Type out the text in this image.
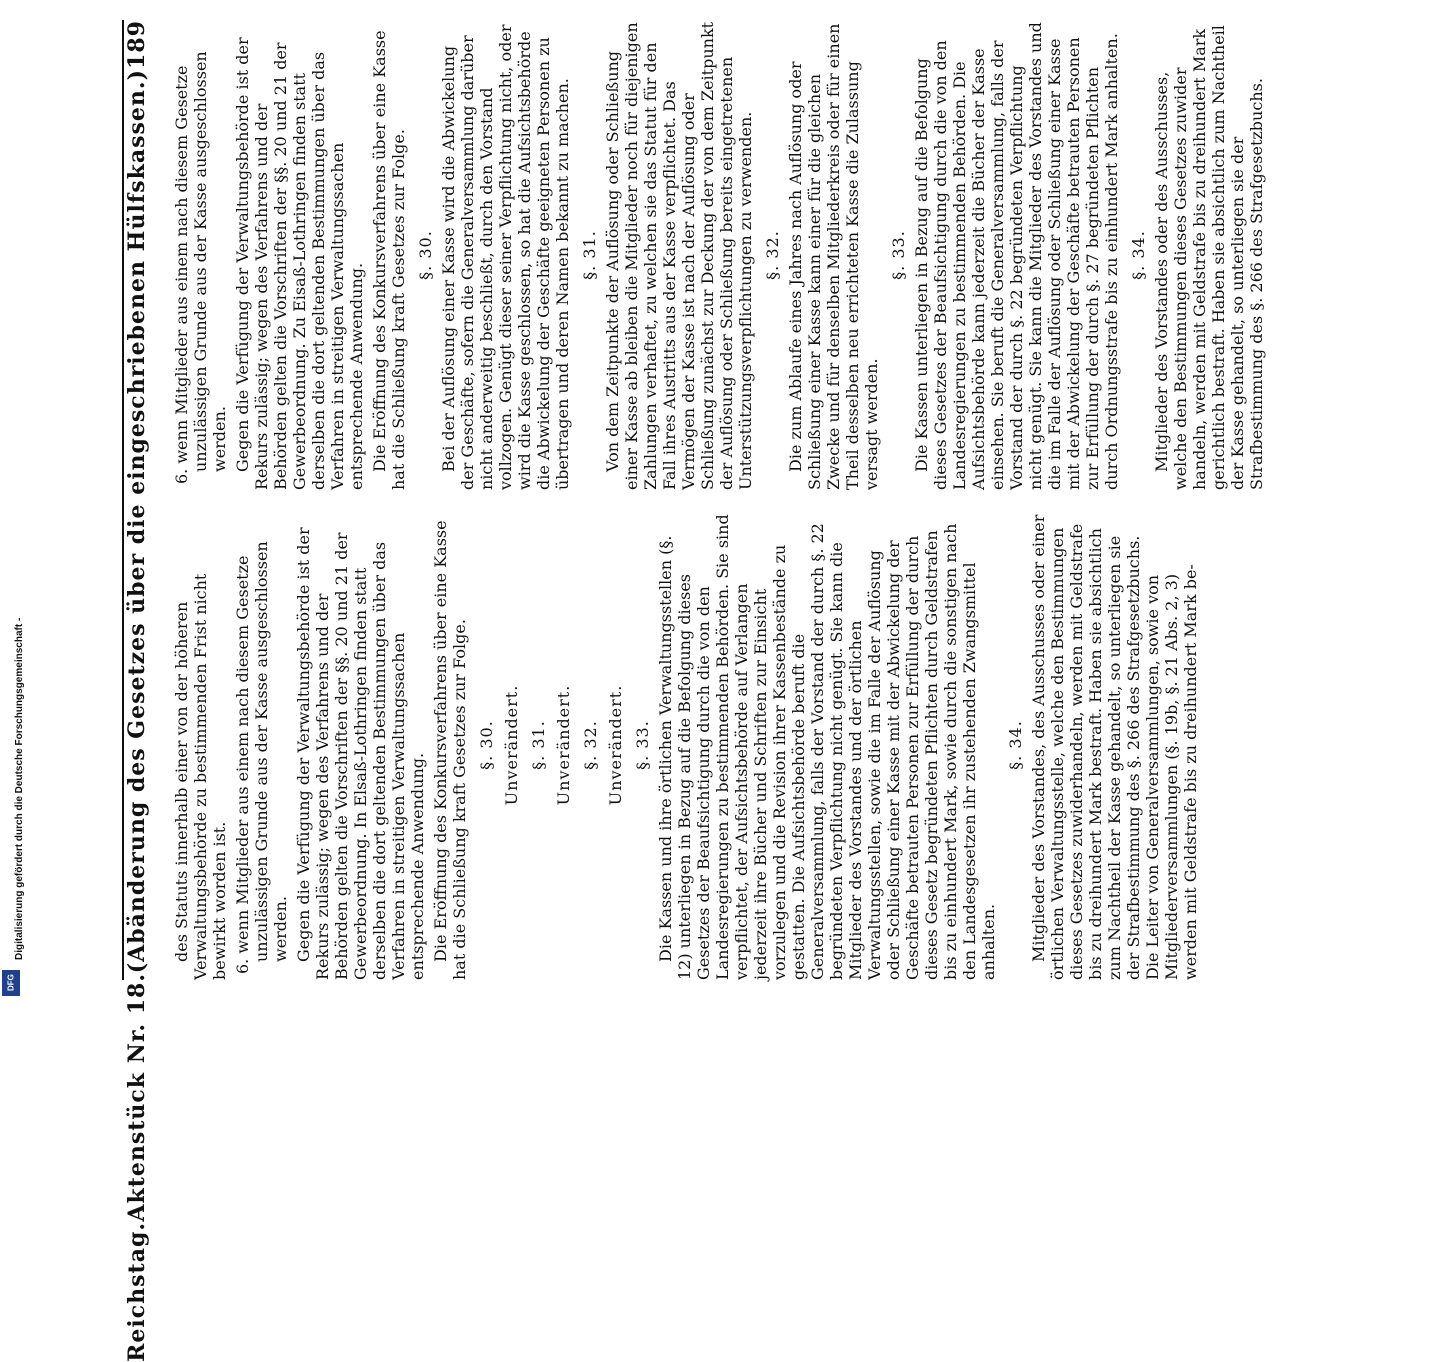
6. wenn Mitglieder aus einem nach diesem Gesetze unzulässigen Grunde aus der Kasse ausgeschlossen werden. Gegen die Verfügung der Verwaltungsbehörde ist der Rekurs zulässig; wegen des Verfahrens und der Behörden gelten die Vorschriften der §§. 20 und 21 der Gewerbeordnung. Zu Eisaß-Lothringen finden statt derselben die dort geltenden Bestimmungen über das Verfahren in streitigen Verwaltungssachen entsprechende Anwendung. Die Eröffnung des Konkursverfahrens über eine Kasse hat die Schließung kraft Gesetzes zur Folge. §. 30. Bei der Auflösung einer Kasse wird die Abwickelung der Geschäfte, sofern die Generalversammlung darüber nicht anderweitig beschließt, durch den Vorstand vollzogen. Genügt dieser seiner Verpflichtung nicht, oder wird die Kasse geschlossen, so hat die Aufsichtsbehörde die Abwickelung der Geschäfte geeigneten Personen zu übertragen und deren Namen bekannt zu machen. §. 31. Von dem Zeitpunkte der Auflösung oder Schließung einer Kasse ab bleiben die Mitglieder noch für diejenigen Zahlungen verhaftet, zu welchen sie das Statut für den Fall ihres Austritts aus der Kasse verpflichtet. Das Vermögen der Kasse ist nach der Auflösung oder Schließung zunächst zur Deckung der von dem Zeitpunkt der Auflösung oder Schließung bereits eingetretenen Unterstützungsverpflichtungen zu verwenden. §. 32. Die zum Ablaufe eines Jahres nach Auflösung oder Schließung einer Kasse kann einer für die gleichen Zwecke und für denselben Mitgliederkreis oder für einen Theil desselben neu errichteten Kasse die Zulassung versagt werden.

§. 33. Die Kassen unterliegen in Bezug auf die Befolgung dieses Gesetzes der Beaufsichtigung durch die von den Landesregierungen zu bestimmenden Behörden. Die Aufsichtsbehörde kann jederzeit die Bücher der Kasse einsehen. Sie beruft die Generalversammlung, falls der Vorstand der durch §. 22 begründeten Verpflichtung nicht genügt. Sie kann die Mitglieder des Vorstandes und die im Falle der Auflösung oder Schließung einer Kasse mit der Abwickelung der Geschäfte betrauten Personen zur Erfüllung der durch §. 27 begründeten Pflichten durch Ordnungsstrafe bis zu einhundert Mark anhalten. §. 34. Mitglieder des Vorstandes oder des Ausschusses, welche den Bestimmungen dieses Gesetzes zuwider handeln, werden mit Geldstrafe bis zu dreihundert Mark gerichtlich bestraft. Haben sie absichtlich zum Nachtheil der Kasse gehandelt, so unterliegen sie der Strafbestimmung des §. 266 des Strafgesetzbuchs.

des Statuts innerhalb einer von der höheren Verwaltungsbehörde zu bestimmenden Frist nicht bewirkt worden ist. 6. wenn Mitglieder aus einem nach diesem Gesetze unzulässigen Grunde aus der Kasse ausgeschlossen werden. Gegen die Verfügung der Verwaltungsbehörde ist der Rekurs zulässig; wegen des Verfahrens und der Behörden gelten die Vorschriften der §§. 20 und 21 der Gewerbeordnung. In Elsaß-Lothringen finden statt derselben die dort geltenden Bestimmungen über das Verfahren in streitigen Verwaltungssachen entsprechende Anwendung. Die Eröffnung des Konkursverfahrens über eine Kasse hat die Schließung kraft Gesetzes zur Folge. §. 30. Unverändert. §. 31. Unverändert. §. 32. Unverändert. §. 33. Die Kassen und ihre örtlichen Verwaltungsstellen (§. 12) unterliegen in Bezug auf die Befolgung dieses Gesetzes der Beaufsichtigung durch die von den Landesregierungen zu bestimmenden Behörden. Sie sind verpflichtet, der Aufsichtsbehörde auf Verlangen jederzeit ihre Bücher und Schriften zur Einsicht vorzulegen und die Revision ihrer Kassenbestände zu gestatten. Die Aufsichtsbehörde beruft die Generalversammlung, falls der Vorstand der durch §. 22 begründeten Verpflichtung nicht genügt. Sie kann die Mitglieder des Vorstandes und der örtlichen Verwaltungsstellen, sowie die im Falle der Auflösung oder Schließung einer Kasse mit der Abwickelung der Geschäfte betrauten Personen zur Erfüllung der durch dieses Gesetz begründeten Pflichten durch Geldstrafen bis zu einhundert Mark, sowie durch die sonstigen nach den Landesgesetzen ihr zustehenden Zwangsmittel anhalten.

§. 34. Mitglieder des Vorstandes, des Ausschusses oder einer örtlichen Verwaltungsstelle, welche den Bestimmungen dieses Gesetzes zuwiderhandeln, werden mit Geldstrafe bis zu dreihundert Mark bestraft. Haben sie absichtlich zum Nachtheil der Kasse gehandelt, so unterliegen sie der Strafbestimmung des §. 266 des Strafgesetzbuchs. Die Leiter von Generalversammlungen, sowie von Mitgliederversammlungen (§. 19b, §. 21 Abs. 2, 3) werden mit Geldstrafe bis zu dreihundert Mark be-

189
(Abänderung des Gesetzes über die eingeschriebenen Hülfskassen.)
Aktenstück Nr. 18.
Reichstag.
Digitalisierung gefördert durch die Deutsche Forschungsgemeinschaft -
DFG
